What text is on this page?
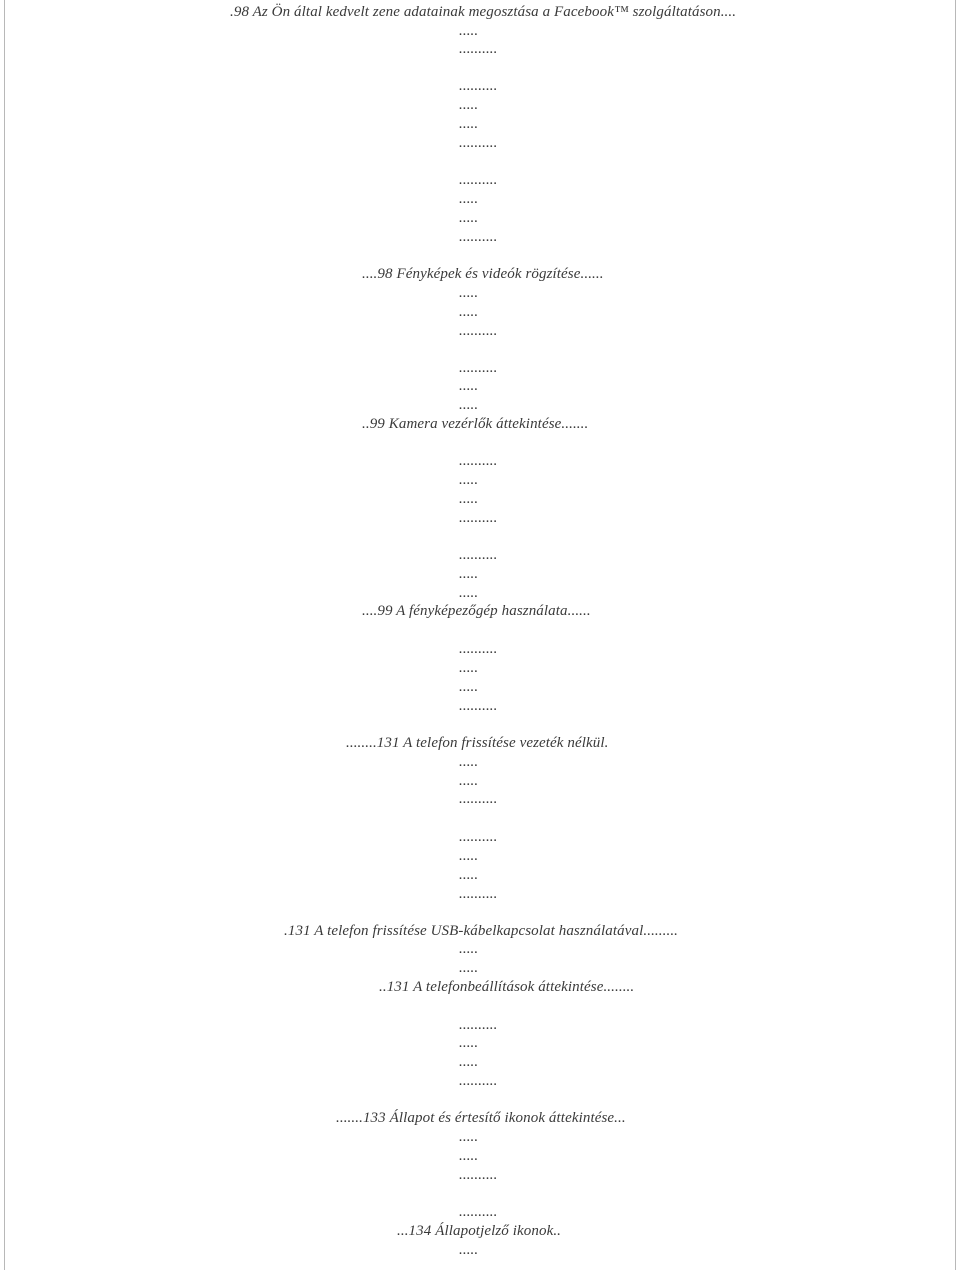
.98 Az Ön által kedvelt zene adatainak megosztása a Facebook™ szolgáltatáson....
.....
..........
..........
.....
.....
..........
..........
.....
.....
..........
....98 Fényképek és videók rögzítése......
.....
.....
..........
..........
.....
.....
..99 Kamera vezérlők áttekintése.......
..........
.....
.....
..........
..........
.....
.....
....99 A fényképezőgép használata......
..........
.....
.....
..........
........131 A telefon frissítése vezeték nélkül.
.....
.....
..........
..........
.....
.....
..........
.131 A telefon frissítése USB-kábelkapcsolat használatával.........
.....
.....
..131 A telefonbeállítások áttekintése........
..........
.....
.....
..........
.......133 Állapot és értesítő ikonok áttekintése...
.....
.....
..........
..........
...134 Állapotjelző ikonok..
.....
